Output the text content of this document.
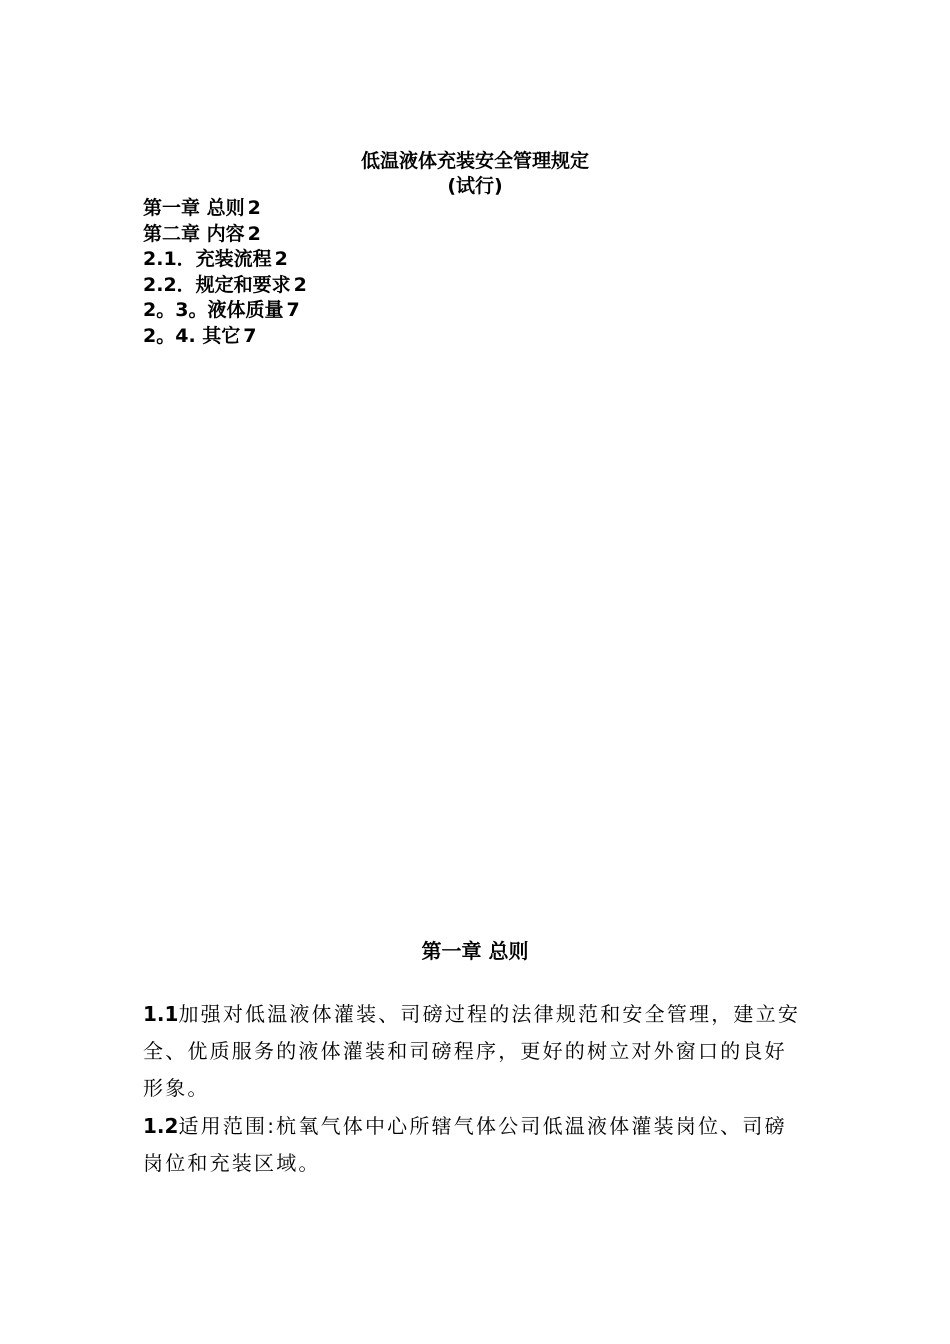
低温液体充装安全管理规定
(试行)
第一章 总则 2
第二章 内容 2
2.1．充装流程 2
2.2．规定和要求 2
2。3。液体质量 7
2。4. 其它 7
第一章 总则

1.1加强对低温液体灌装、司磅过程的法律规范和安全管理，建立安全、优质服务的液体灌装和司磅程序，更好的树立对外窗口的良好形象。

1.2适用范围:杭氧气体中心所辖气体公司低温液体灌装岗位、司磅岗位和充装区域。
